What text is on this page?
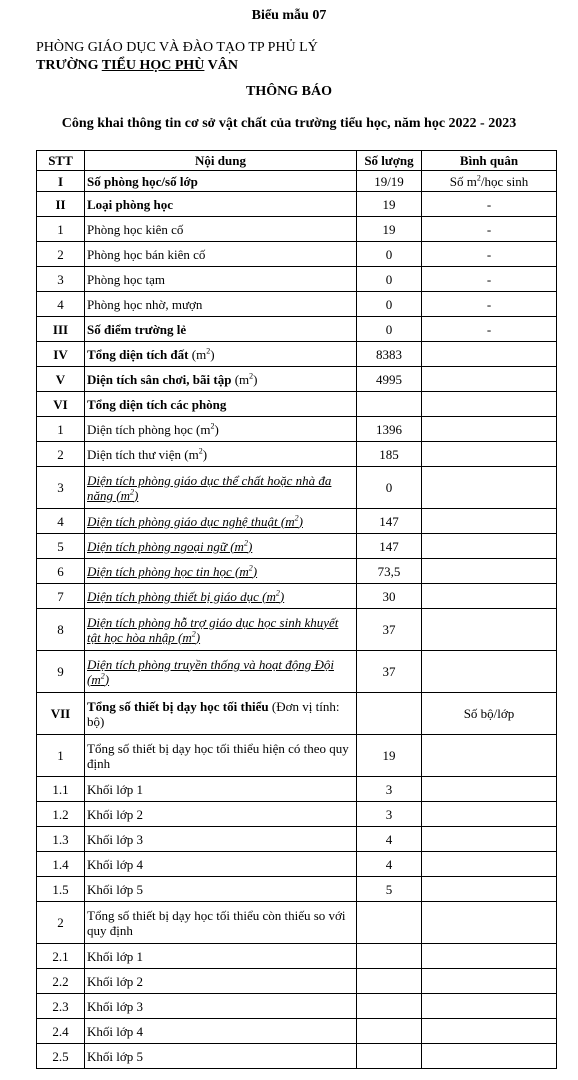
Biểu mẫu 07
PHÒNG GIÁO DỤC VÀ ĐÀO TẠO TP PHỦ LÝ
TRƯỜNG TIỂU HỌC PHÙ VÂN
THÔNG BÁO
Công khai thông tin cơ sở vật chất của trường tiểu học, năm học 2022 - 2023
STT	Nội dung	Số lượng	Bình quân
I	Số phòng học/số lớp	19/19	Số $m^2$/học sinh
II	Loại phòng học	19	-
1	Phòng học kiên cố	19	-
2	Phòng học bán kiên cố	0	-
3	Phòng học tạm	0	-
4	Phòng học nhờ, mượn	0	-
III	Số điểm trường lẻ	0	-
IV	Tổng diện tích đất $(m^2)$	8383	
V	Diện tích sân chơi, bãi tập $(m^2)$	4995	
VI	Tổng diện tích các phòng		
1	Diện tích phòng học $(m^2)$	1396	
2	Diện tích thư viện $(m^2)$	185	
3	Diện tích phòng giáo dục thể chất hoặc nhà đa năng $(m^2)$	0	
4	Diện tích phòng giáo dục nghệ thuật $(m^2)$	147	
5	Diện tích phòng ngoại ngữ $(m^2)$	147	
6	Diện tích phòng học tin học $(m^2)$	73,5	
7	Diện tích phòng thiết bị giáo dục $(m^2)$	30	
8	Diện tích phòng hỗ trợ giáo dục học sinh khuyết tật học hòa nhập $(m^2)$	37	
9	Diện tích phòng truyền thống và hoạt động Đội $(m^2)$	37	
VII	Tổng số thiết bị dạy học tối thiểu (Đơn vị tính: bộ)		Số bộ/lớp
1	Tổng số thiết bị dạy học tối thiểu hiện có theo quy định	19	
1.1	Khối lớp 1	3	
1.2	Khối lớp 2	3	
1.3	Khối lớp 3	4	
1.4	Khối lớp 4	4	
1.5	Khối lớp 5	5	
2	Tổng số thiết bị dạy học tối thiểu còn thiếu so với quy định		
2.1	Khối lớp 1		
2.2	Khối lớp 2		
2.3	Khối lớp 3		
2.4	Khối lớp 4		
2.5	Khối lớp 5		
